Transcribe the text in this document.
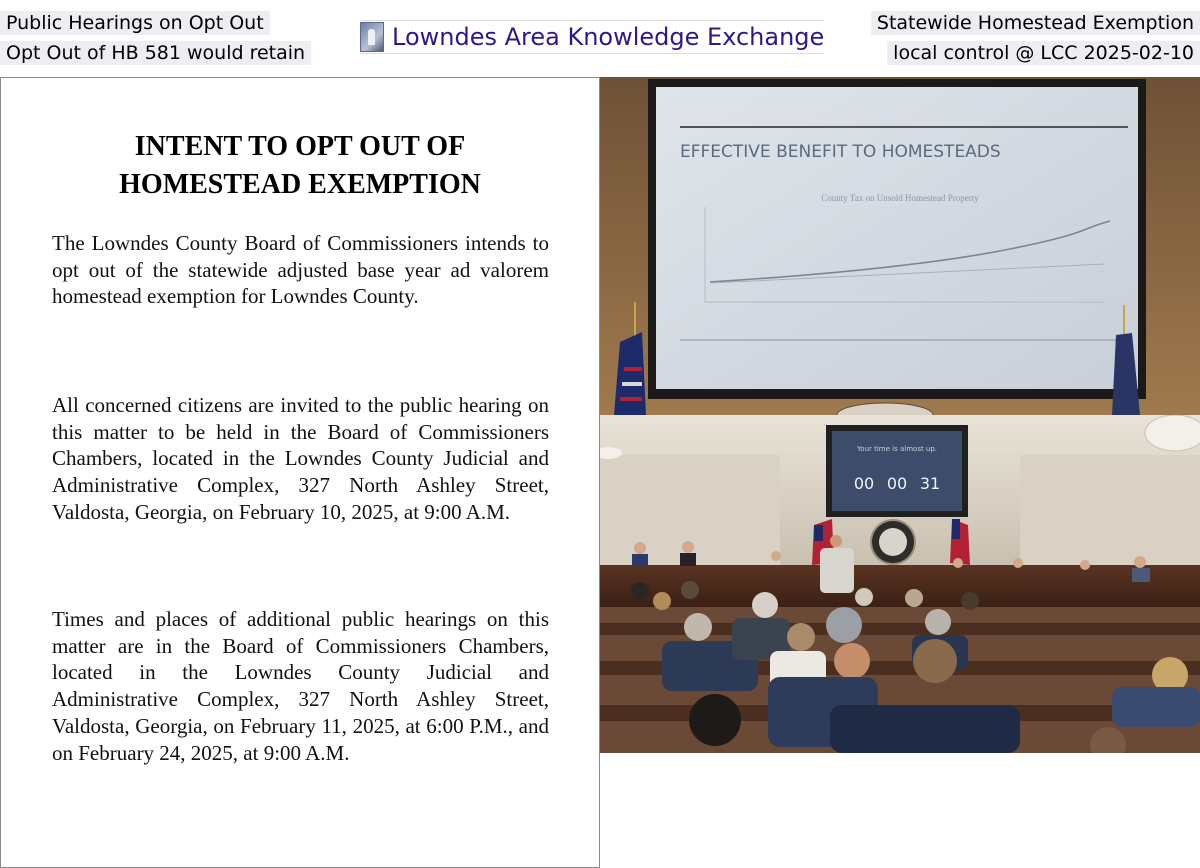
Public Hearings on Opt Out
Opt Out of HB 581 would retain
Lowndes Area Knowledge Exchange	Statewide Homestead Exemption
local control @ LCC 2025-02-10
INTENT TO OPT OUT OF HOMESTEAD EXEMPTION
The Lowndes County Board of Commissioners intends to opt out of the statewide adjusted base year ad valorem homestead exemption for Lowndes County.
All concerned citizens are invited to the public hearing on this matter to be held in the Board of Commissioners Chambers, located in the Lowndes County Judicial and Administrative Complex, 327 North Ashley Street, Valdosta, Georgia, on February 10, 2025, at 9:00 A.M.
Times and places of additional public hearings on this matter are in the Board of Commissioners Chambers, located in the Lowndes County Judicial and Administrative Complex, 327 North Ashley Street, Valdosta, Georgia, on February 11, 2025, at 6:00 P.M., and on February 24, 2025, at 9:00 A.M.
EFFECTIVE BENEFIT TO HOMESTEADS
County Tax on Unsold Homestead Property
Your time is almost up.
00 00 31
